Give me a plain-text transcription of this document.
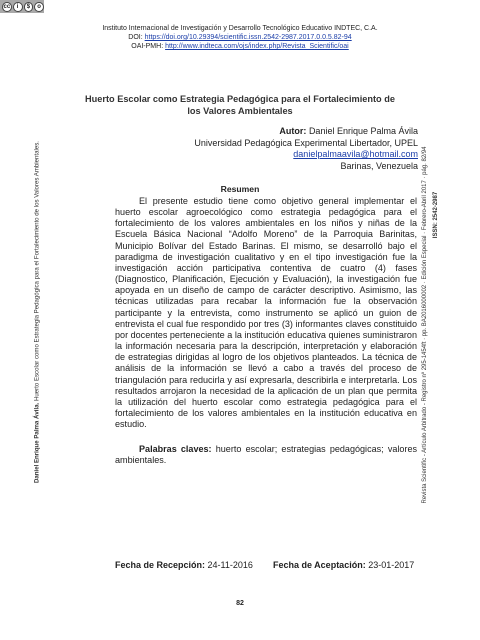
cc	i	$	o
Instituto Internacional de Investigación y Desarrollo Tecnológico Educativo INDTEC, C.A.
DOI: https://doi.org/10.29394/scientific.issn.2542-2987.2017.0.0.5.82-94
OAI-PMH: http://www.indteca.com/ojs/index.php/Revista_Scientific/oai
Huerto Escolar como Estrategia Pedagógica para el Fortalecimiento de los Valores Ambientales
Autor: Daniel Enrique Palma Ávila
Universidad Pedagógica Experimental Libertador, UPEL
danielpalmaavila@hotmail.com
Barinas, Venezuela
Resumen

El presente estudio tiene como objetivo general implementar el huerto escolar agroecológico como estrategia pedagógica para el fortalecimiento de los valores ambientales en los niños y niñas de la Escuela Básica Nacional “Adolfo Moreno” de la Parroquia Barinitas, Municipio Bolívar del Estado Barinas. El mismo, se desarrolló bajo el paradigma de investigación cualitativo y en el tipo investigación fue la investigación acción participativa contentiva de cuatro (4) fases (Diagnostico, Planificación, Ejecución y Evaluación), la investigación fue apoyada en un diseño de campo de carácter descriptivo. Asimismo, las técnicas utilizadas para recabar la información fue la observación participante y la entrevista, como instrumento se aplicó un guion de entrevista el cual fue respondido por tres (3) informantes claves constituido por docentes perteneciente a la institución educativa quienes suministraron la información necesaria para la descripción, interpretación y elaboración de estrategias dirigidas al logro de los objetivos planteados. La técnica de análisis de la información se llevó a cabo a través del proceso de triangulación para reducirla y así expresarla, describirla e interpretarla. Los resultados arrojaron la necesidad de la aplicación de un plan que permita la utilización del huerto escolar como estrategia pedagógica para el fortalecimiento de los valores ambientales en la institución educativa en estudio.

Palabras claves: huerto escolar; estrategias pedagógicas; valores ambientales.

Fecha de Recepción: 24-11-2016 Fecha de Aceptación: 23-01-2017
82
Daniel Enrique Palma Ávila. Huerto Escolar como Estrategia Pedagógica para el Fortalecimiento de los Valores Ambientales.	Revista Scientific - Artículo Arbitrado - Registro nº 295-1454ft · pp. BA2016000002 · Edición Especial · Febrero-Abril 2017 · pág. 82/94 ISSN: 2542-2987
